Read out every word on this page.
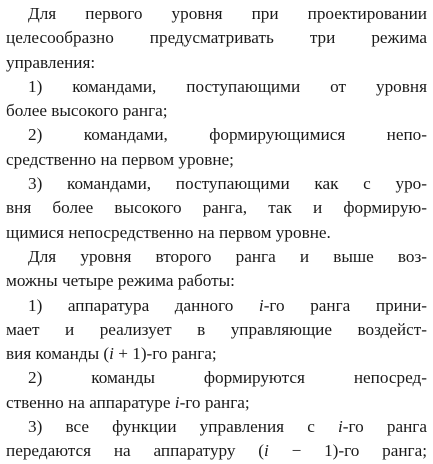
Для первого уровня при проектировании
целесообразно предусматривать три режима
управления:
1) командами, поступающими от уровня
более высокого ранга;
2) командами, формирующимися непо-
средственно на первом уровне;
3) командами, поступающими как с уро-
вня более высокого ранга, так и формирую-
щимися непосредственно на первом уровне.
Для уровня второго ранга и выше воз-
можны четыре режима работы:
1) аппаратура данного i-го ранга прини-
мает и реализует в управляющие воздейст-
вия команды (i + 1)-го ранга;
2) команды формируются непосред-
ственно на аппаратуре i-го ранга;
3) все функции управления с i-го ранга
передаются на аппаратуру (i − 1)-го ранга;
